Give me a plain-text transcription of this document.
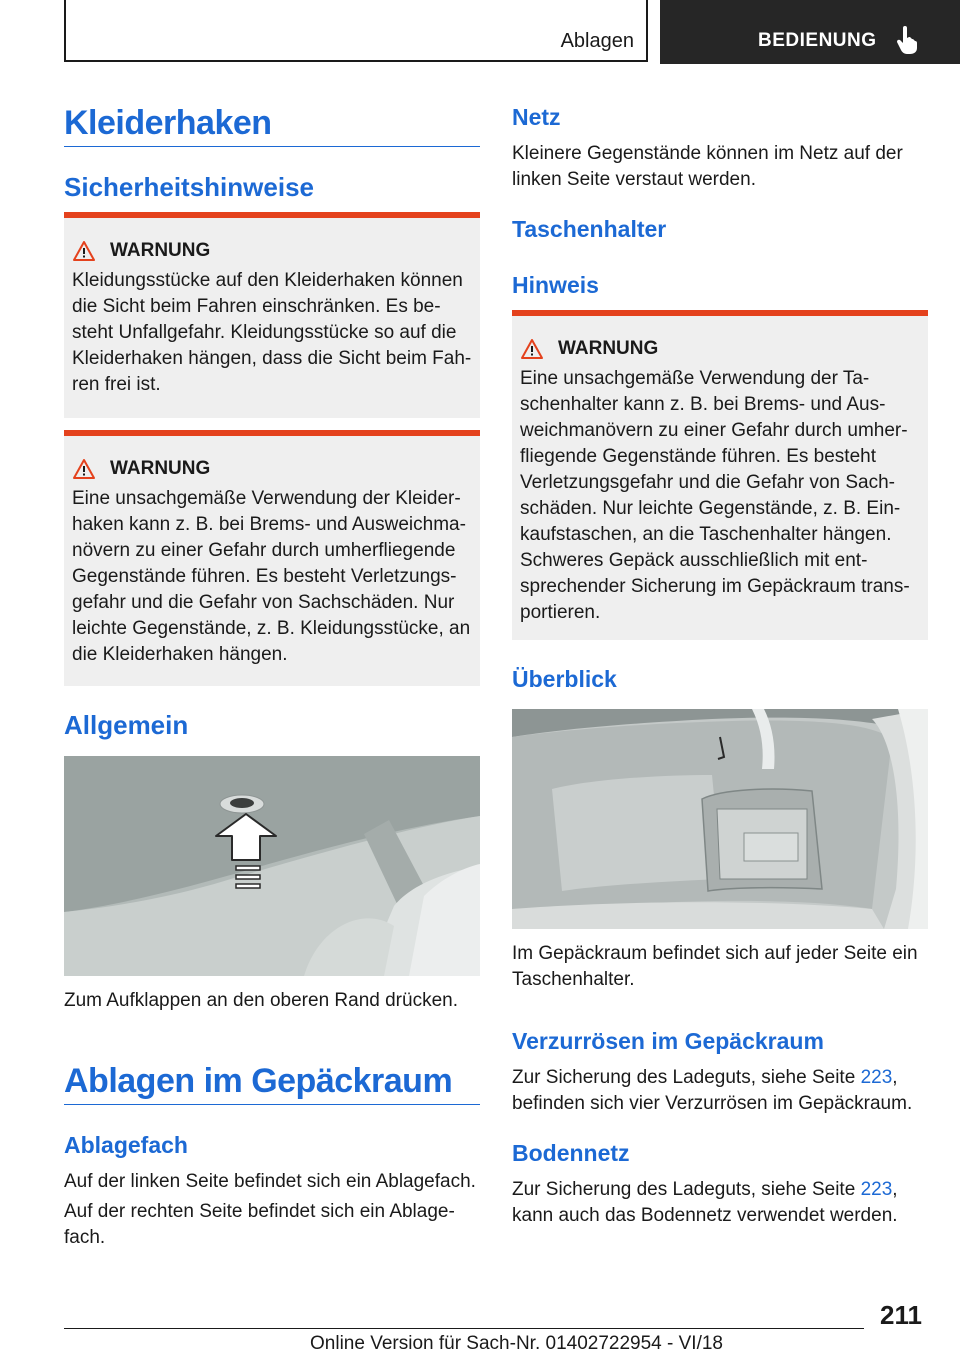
Ablagen	BEDIENUNG
Kleiderhaken
Sicherheitshinweise
WARNUNG
Kleidungsstücke auf den Kleiderhaken können
die Sicht beim Fahren einschränken. Es be-
steht Unfallgefahr. Kleidungsstücke so auf die
Kleiderhaken hängen, dass die Sicht beim Fah-
ren frei ist.
WARNUNG
Eine unsachgemäße Verwendung der Kleider-
haken kann z. B. bei Brems- und Ausweichma-
növern zu einer Gefahr durch umherfliegende
Gegenstände führen. Es besteht Verletzungs-
gefahr und die Gefahr von Sachschäden. Nur
leichte Gegenstände, z. B. Kleidungsstücke, an
die Kleiderhaken hängen.
Allgemein
Zum Aufklappen an den oberen Rand drücken.
Ablagen im Gepäckraum
Ablagefach
Auf der linken Seite befindet sich ein Ablagefach.
Auf der rechten Seite befindet sich ein Ablage-
fach.
Netz
Kleinere Gegenstände können im Netz auf der
linken Seite verstaut werden.
Taschenhalter
Hinweis
WARNUNG
Eine unsachgemäße Verwendung der Ta-
schenhalter kann z. B. bei Brems- und Aus-
weichmanövern zu einer Gefahr durch umher-
fliegende Gegenstände führen. Es besteht
Verletzungsgefahr und die Gefahr von Sach-
schäden. Nur leichte Gegenstände, z. B. Ein-
kaufstaschen, an die Taschenhalter hängen.
Schweres Gepäck ausschließlich mit ent-
sprechender Sicherung im Gepäckraum trans-
portieren.
Überblick
Im Gepäckraum befindet sich auf jeder Seite ein
Taschenhalter.
Verzurrösen im Gepäckraum
Zur Sicherung des Ladeguts, siehe Seite 223,
befinden sich vier Verzurrösen im Gepäckraum.
Bodennetz
Zur Sicherung des Ladeguts, siehe Seite 223,
kann auch das Bodennetz verwendet werden.
211
Online Version für Sach-Nr. 01402722954 - VI/18
